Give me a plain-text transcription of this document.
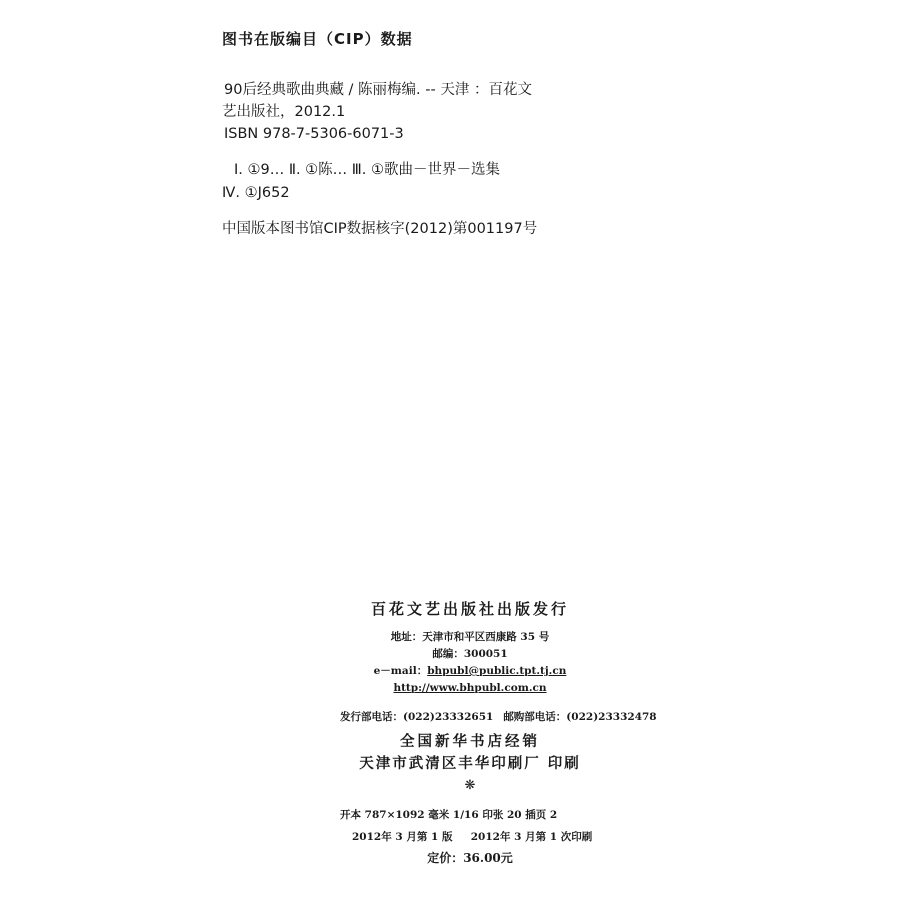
图书在版编目（CIP）数据
90后经典歌曲典藏 / 陈丽梅编. -- 天津 ：百花文
艺出版社，2012.1
ISBN 978-7-5306-6071-3
Ⅰ. ①9… Ⅱ. ①陈… Ⅲ. ①歌曲－世界－选集
Ⅳ. ①J652
中国版本图书馆CIP数据核字(2012)第001197号
百花文艺出版社出版发行
地址：天津市和平区西康路 35 号
邮编：300051
e－mail：bhpubl@public.tpt.tj.cn
http://www.bhpubl.com.cn
发行部电话：(022)23332651 邮购部电话：(022)23332478
全国新华书店经销
天津市武清区丰华印刷厂 印刷
❋
开本 787×1092 毫米 1/16 印张 20 插页 2
2012年 3 月第 1 版 2012年 3 月第 1 次印刷
定价：36.00元
